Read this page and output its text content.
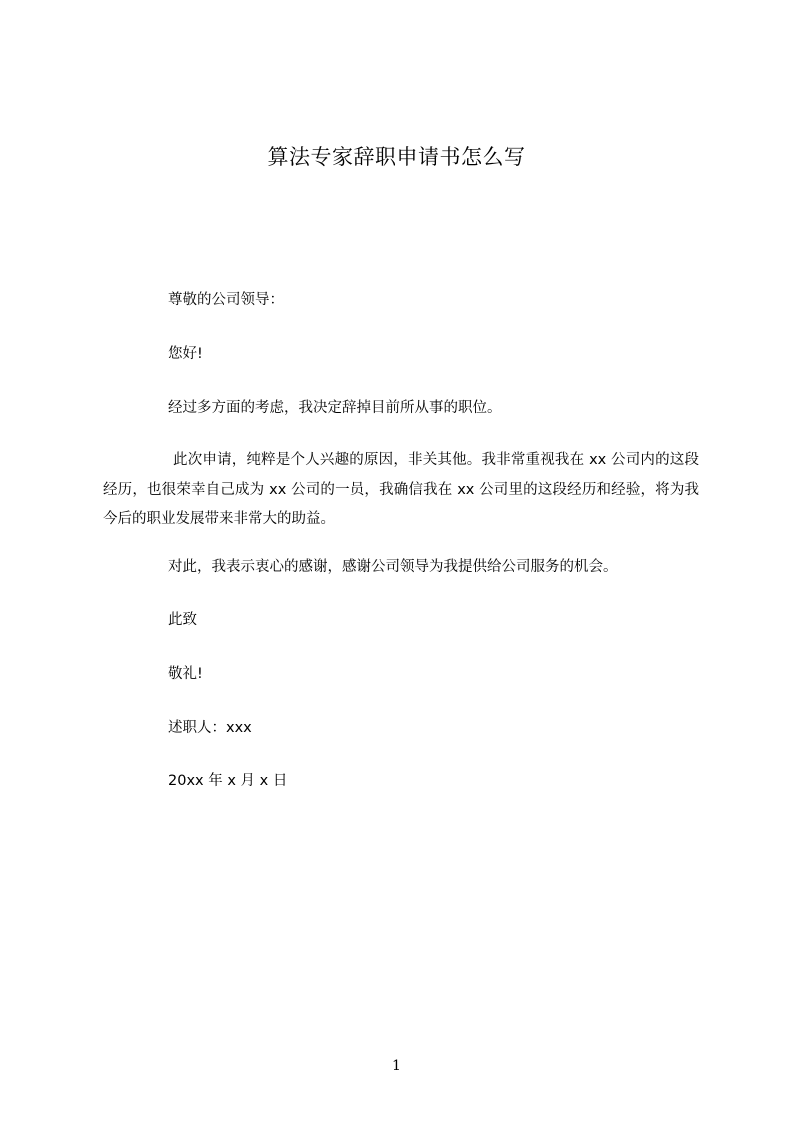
算法专家辞职申请书怎么写
尊敬的公司领导：
您好!
经过多方面的考虑，我决定辞掉目前所从事的职位。
此次申请，纯粹是个人兴趣的原因，非关其他。我非常重视我在 xx 公司内的这段经历，也很荣幸自己成为 xx 公司的一员，我确信我在 xx 公司里的这段经历和经验，将为我今后的职业发展带来非常大的助益。
对此，我表示衷心的感谢，感谢公司领导为我提供给公司服务的机会。
此致
敬礼!
述职人：xxx
20xx 年 x 月 x 日
1
